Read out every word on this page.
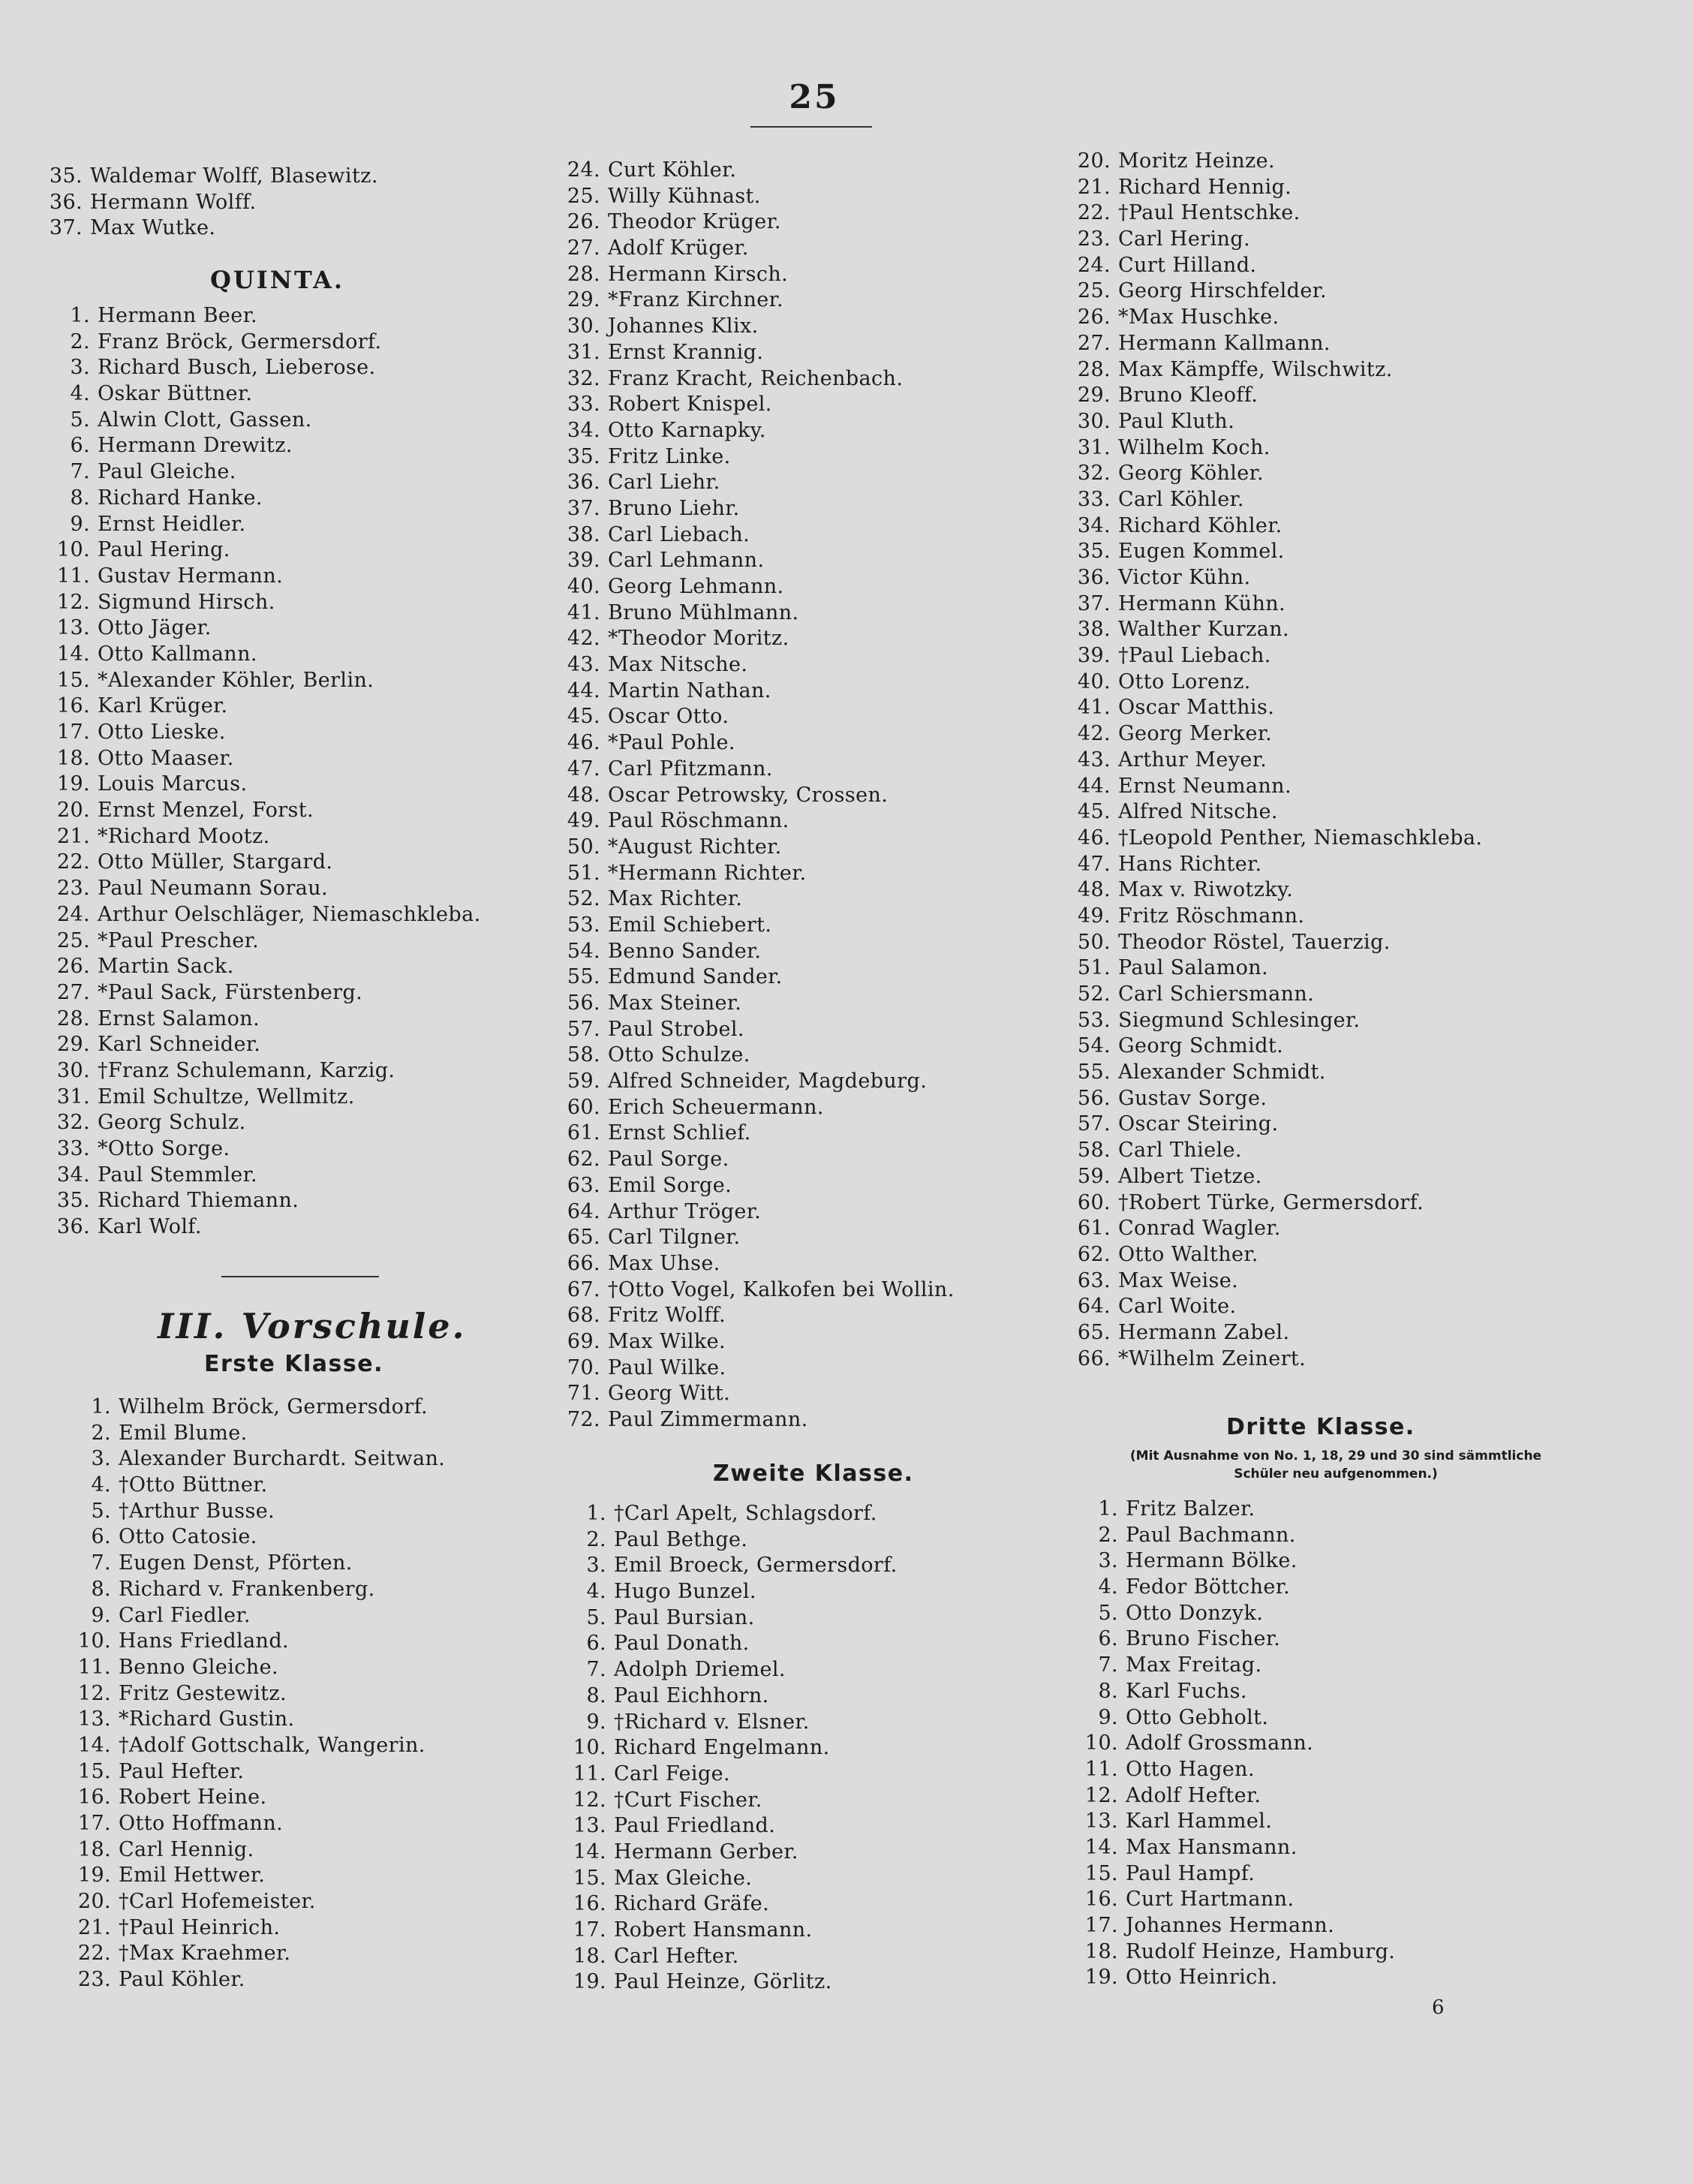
25
35. Waldemar Wolff, Blasewitz.
36. Hermann Wolff.
37. Max Wutke.
QUINTA.
1. Hermann Beer.
2. Franz Bröck, Germersdorf.
3. Richard Busch, Lieberose.
4. Oskar Büttner.
5. Alwin Clott, Gassen.
6. Hermann Drewitz.
7. Paul Gleiche.
8. Richard Hanke.
9. Ernst Heidler.
10. Paul Hering.
11. Gustav Hermann.
12. Sigmund Hirsch.
13. Otto Jäger.
14. Otto Kallmann.
15. *Alexander Köhler, Berlin.
16. Karl Krüger.
17. Otto Lieske.
18. Otto Maaser.
19. Louis Marcus.
20. Ernst Menzel, Forst.
21. *Richard Mootz.
22. Otto Müller, Stargard.
23. Paul Neumann Sorau.
24. Arthur Oelschläger, Niemaschkleba.
25. *Paul Prescher.
26. Martin Sack.
27. *Paul Sack, Fürstenberg.
28. Ernst Salamon.
29. Karl Schneider.
30. †Franz Schulemann, Karzig.
31. Emil Schultze, Wellmitz.
32. Georg Schulz.
33. *Otto Sorge.
34. Paul Stemmler.
35. Richard Thiemann.
36. Karl Wolf.
III. Vorschule.
Erste Klasse.
1. Wilhelm Bröck, Germersdorf.
2. Emil Blume.
3. Alexander Burchardt. Seitwan.
4. †Otto Büttner.
5. †Arthur Busse.
6. Otto Catosie.
7. Eugen Denst, Pförten.
8. Richard v. Frankenberg.
9. Carl Fiedler.
10. Hans Friedland.
11. Benno Gleiche.
12. Fritz Gestewitz.
13. *Richard Gustin.
14. †Adolf Gottschalk, Wangerin.
15. Paul Hefter.
16. Robert Heine.
17. Otto Hoffmann.
18. Carl Hennig.
19. Emil Hettwer.
20. †Carl Hofemeister.
21. †Paul Heinrich.
22. †Max Kraehmer.
23. Paul Köhler.
24. Curt Köhler.
25. Willy Kühnast.
26. Theodor Krüger.
27. Adolf Krüger.
28. Hermann Kirsch.
29. *Franz Kirchner.
30. Johannes Klix.
31. Ernst Krannig.
32. Franz Kracht, Reichenbach.
33. Robert Knispel.
34. Otto Karnapky.
35. Fritz Linke.
36. Carl Liehr.
37. Bruno Liehr.
38. Carl Liebach.
39. Carl Lehmann.
40. Georg Lehmann.
41. Bruno Mühlmann.
42. *Theodor Moritz.
43. Max Nitsche.
44. Martin Nathan.
45. Oscar Otto.
46. *Paul Pohle.
47. Carl Pfitzmann.
48. Oscar Petrowsky, Crossen.
49. Paul Röschmann.
50. *August Richter.
51. *Hermann Richter.
52. Max Richter.
53. Emil Schiebert.
54. Benno Sander.
55. Edmund Sander.
56. Max Steiner.
57. Paul Strobel.
58. Otto Schulze.
59. Alfred Schneider, Magdeburg.
60. Erich Scheuermann.
61. Ernst Schlief.
62. Paul Sorge.
63. Emil Sorge.
64. Arthur Tröger.
65. Carl Tilgner.
66. Max Uhse.
67. †Otto Vogel, Kalkofen bei Wollin.
68. Fritz Wolff.
69. Max Wilke.
70. Paul Wilke.
71. Georg Witt.
72. Paul Zimmermann.
Zweite Klasse.
1. †Carl Apelt, Schlagsdorf.
2. Paul Bethge.
3. Emil Broeck, Germersdorf.
4. Hugo Bunzel.
5. Paul Bursian.
6. Paul Donath.
7. Adolph Driemel.
8. Paul Eichhorn.
9. †Richard v. Elsner.
10. Richard Engelmann.
11. Carl Feige.
12. †Curt Fischer.
13. Paul Friedland.
14. Hermann Gerber.
15. Max Gleiche.
16. Richard Gräfe.
17. Robert Hansmann.
18. Carl Hefter.
19. Paul Heinze, Görlitz.
20. Moritz Heinze.
21. Richard Hennig.
22. †Paul Hentschke.
23. Carl Hering.
24. Curt Hilland.
25. Georg Hirschfelder.
26. *Max Huschke.
27. Hermann Kallmann.
28. Max Kämpffe, Wilschwitz.
29. Bruno Kleoff.
30. Paul Kluth.
31. Wilhelm Koch.
32. Georg Köhler.
33. Carl Köhler.
34. Richard Köhler.
35. Eugen Kommel.
36. Victor Kühn.
37. Hermann Kühn.
38. Walther Kurzan.
39. †Paul Liebach.
40. Otto Lorenz.
41. Oscar Matthis.
42. Georg Merker.
43. Arthur Meyer.
44. Ernst Neumann.
45. Alfred Nitsche.
46. †Leopold Penther, Niemaschkleba.
47. Hans Richter.
48. Max v. Riwotzky.
49. Fritz Röschmann.
50. Theodor Röstel, Tauerzig.
51. Paul Salamon.
52. Carl Schiersmann.
53. Siegmund Schlesinger.
54. Georg Schmidt.
55. Alexander Schmidt.
56. Gustav Sorge.
57. Oscar Steiring.
58. Carl Thiele.
59. Albert Tietze.
60. †Robert Türke, Germersdorf.
61. Conrad Wagler.
62. Otto Walther.
63. Max Weise.
64. Carl Woite.
65. Hermann Zabel.
66. *Wilhelm Zeinert.
Dritte Klasse.
(Mit Ausnahme von No. 1, 18, 29 und 30 sind sämmtliche Schüler neu aufgenommen.)
1. Fritz Balzer.
2. Paul Bachmann.
3. Hermann Bölke.
4. Fedor Böttcher.
5. Otto Donzyk.
6. Bruno Fischer.
7. Max Freitag.
8. Karl Fuchs.
9. Otto Gebholt.
10. Adolf Grossmann.
11. Otto Hagen.
12. Adolf Hefter.
13. Karl Hammel.
14. Max Hansmann.
15. Paul Hampf.
16. Curt Hartmann.
17. Johannes Hermann.
18. Rudolf Heinze, Hamburg.
19. Otto Heinrich.
6
